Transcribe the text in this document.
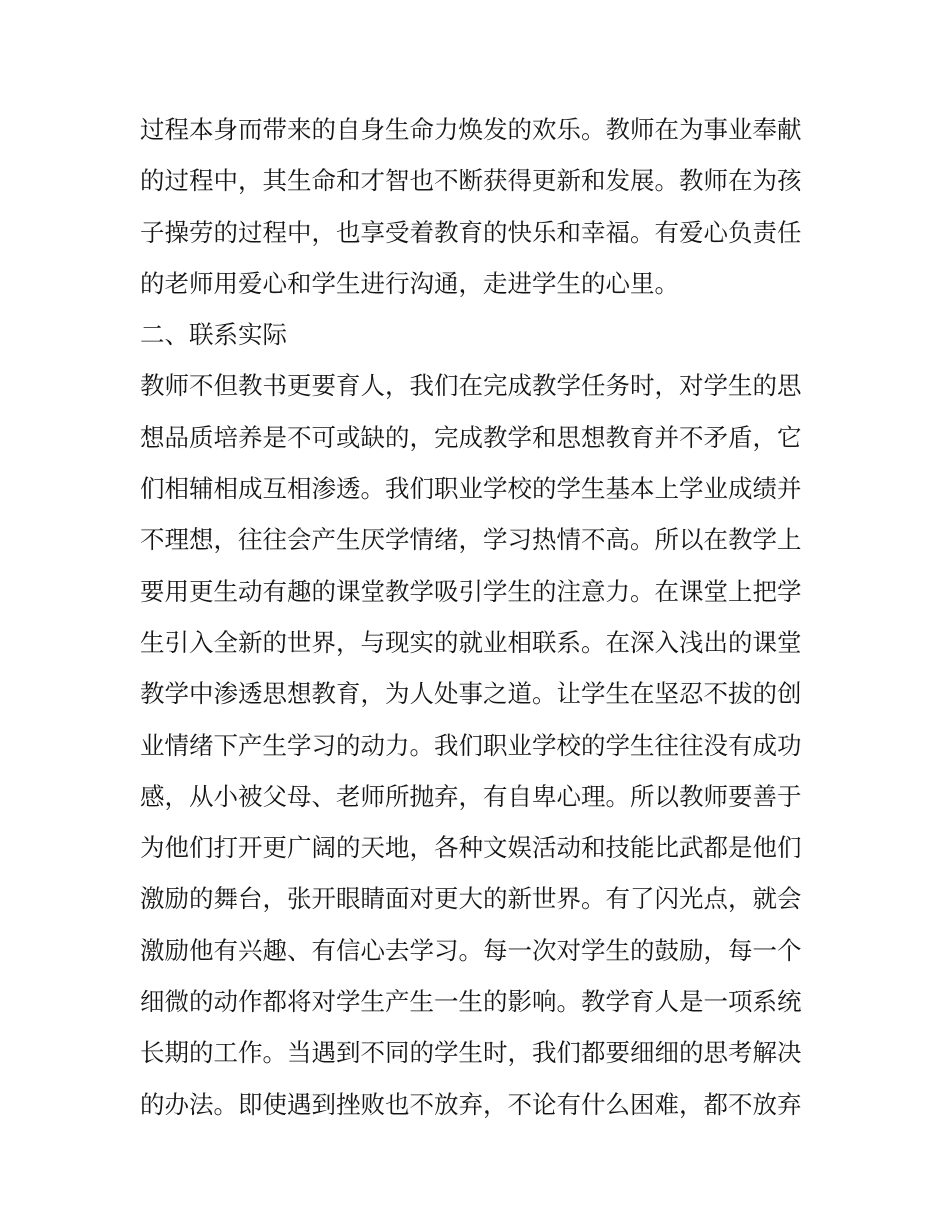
过程本身而带来的自身生命力焕发的欢乐。教师在为事业奉献
的过程中，其生命和才智也不断获得更新和发展。教师在为孩
子操劳的过程中，也享受着教育的快乐和幸福。有爱心负责任
的老师用爱心和学生进行沟通，走进学生的心里。
二、联系实际
教师不但教书更要育人，我们在完成教学任务时，对学生的思
想品质培养是不可或缺的，完成教学和思想教育并不矛盾，它
们相辅相成互相渗透。我们职业学校的学生基本上学业成绩并
不理想，往往会产生厌学情绪，学习热情不高。所以在教学上
要用更生动有趣的课堂教学吸引学生的注意力。在课堂上把学
生引入全新的世界，与现实的就业相联系。在深入浅出的课堂
教学中渗透思想教育，为人处事之道。让学生在坚忍不拔的创
业情绪下产生学习的动力。我们职业学校的学生往往没有成功
感，从小被父母、老师所抛弃，有自卑心理。所以教师要善于
为他们打开更广阔的天地，各种文娱活动和技能比武都是他们
激励的舞台，张开眼睛面对更大的新世界。有了闪光点，就会
激励他有兴趣、有信心去学习。每一次对学生的鼓励，每一个
细微的动作都将对学生产生一生的影响。教学育人是一项系统
长期的工作。当遇到不同的学生时，我们都要细细的思考解决
的办法。即使遇到挫败也不放弃，不论有什么困难，都不放弃
